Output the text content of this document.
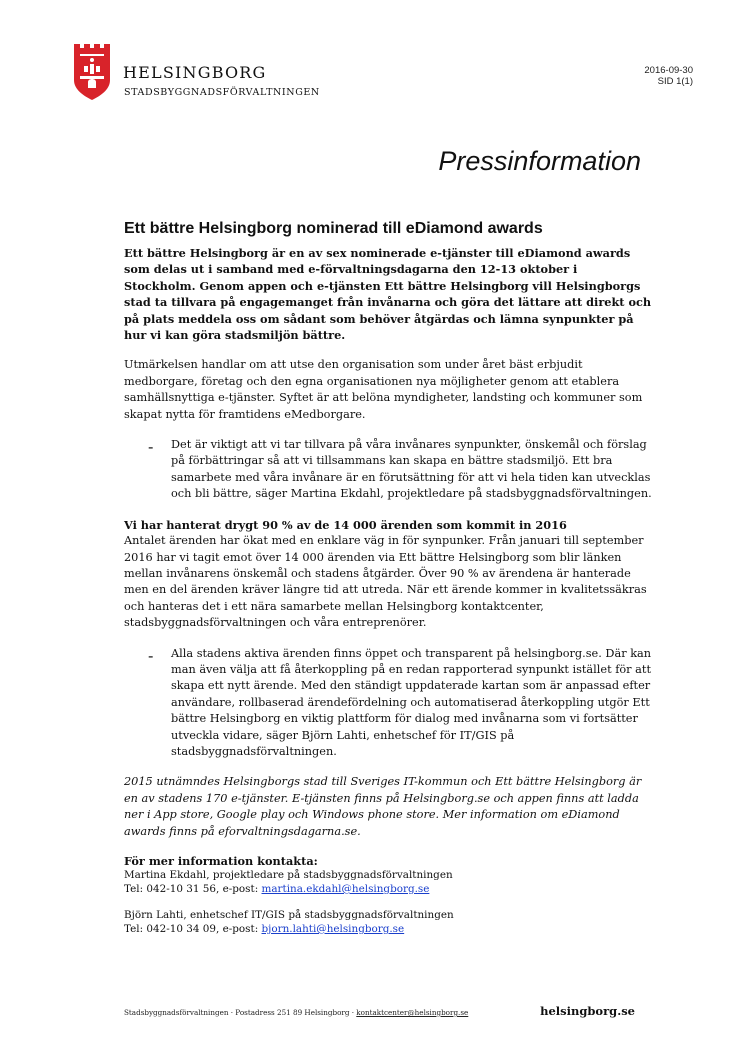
HELSINGBORG
STADSBYGGNADSFÖRVALTNINGEN
2016-09-30
SID 1(1)
Pressinformation
Ett bättre Helsingborg nominerad till eDiamond awards

Ett bättre Helsingborg är en av sex nominerade e-tjänster till eDiamond awards som delas ut i samband med e-förvaltningsdagarna den 12-13 oktober i Stockholm. Genom appen och e-tjänsten Ett bättre Helsingborg vill Helsingborgs stad ta tillvara på engagemanget från invånarna och göra det lättare att direkt och på plats meddela oss om sådant som behöver åtgärdas och lämna synpunkter på hur vi kan göra stadsmiljön bättre.

Utmärkelsen handlar om att utse den organisation som under året bäst erbjudit medborgare, företag och den egna organisationen nya möjligheter genom att etablera samhällsnyttiga e-tjänster. Syftet är att belöna myndigheter, landsting och kommuner som skapat nytta för framtidens eMedborgare.

-	Det är viktigt att vi tar tillvara på våra invånares synpunkter, önskemål och förslag på förbättringar så att vi tillsammans kan skapa en bättre stadsmiljö. Ett bra samarbete med våra invånare är en förutsättning för att vi hela tiden kan utvecklas och bli bättre, säger Martina Ekdahl, projektledare på stadsbyggnadsförvaltningen.

Vi har hanterat drygt 90 % av de 14 000 ärenden som kommit in 2016

Antalet ärenden har ökat med en enklare väg in för synpunker. Från januari till september 2016 har vi tagit emot över 14 000 ärenden via Ett bättre Helsingborg som blir länken mellan invånarens önskemål och stadens åtgärder. Över 90 % av ärendena är hanterade men en del ärenden kräver längre tid att utreda. När ett ärende kommer in kvalitetssäkras och hanteras det i ett nära samarbete mellan Helsingborg kontaktcenter, stadsbyggnadsförvaltningen och våra entreprenörer.

-	Alla stadens aktiva ärenden finns öppet och transparent på helsingborg.se. Där kan man även välja att få återkoppling på en redan rapporterad synpunkt istället för att skapa ett nytt ärende. Med den ständigt uppdaterade kartan som är anpassad efter användare, rollbaserad ärendefördelning och automatiserad återkoppling utgör Ett bättre Helsingborg en viktig plattform för dialog med invånarna som vi fortsätter utveckla vidare, säger Björn Lahti, enhetschef för IT/GIS på stadsbyggnadsförvaltningen.

2015 utnämndes Helsingborgs stad till Sveriges IT-kommun och Ett bättre Helsingborg är en av stadens 170 e-tjänster. E-tjänsten finns på Helsingborg.se och appen finns att ladda ner i App store, Google play och Windows phone store. Mer information om eDiamond awards finns på eforvaltningsdagarna.se.

För mer information kontakta:

Martina Ekdahl, projektledare på stadsbyggnadsförvaltningen

Tel: 042-10 31 56, e-post: martina.ekdahl@helsingborg.se

Björn Lahti, enhetschef IT/GIS på stadsbyggnadsförvaltningen

Tel: 042-10 34 09, e-post: bjorn.lahti@helsingborg.se

Stadsbyggnadsförvaltningen · Postadress 251 89 Helsingborg · kontaktcenter@helsingborg.se	helsingborg.se
